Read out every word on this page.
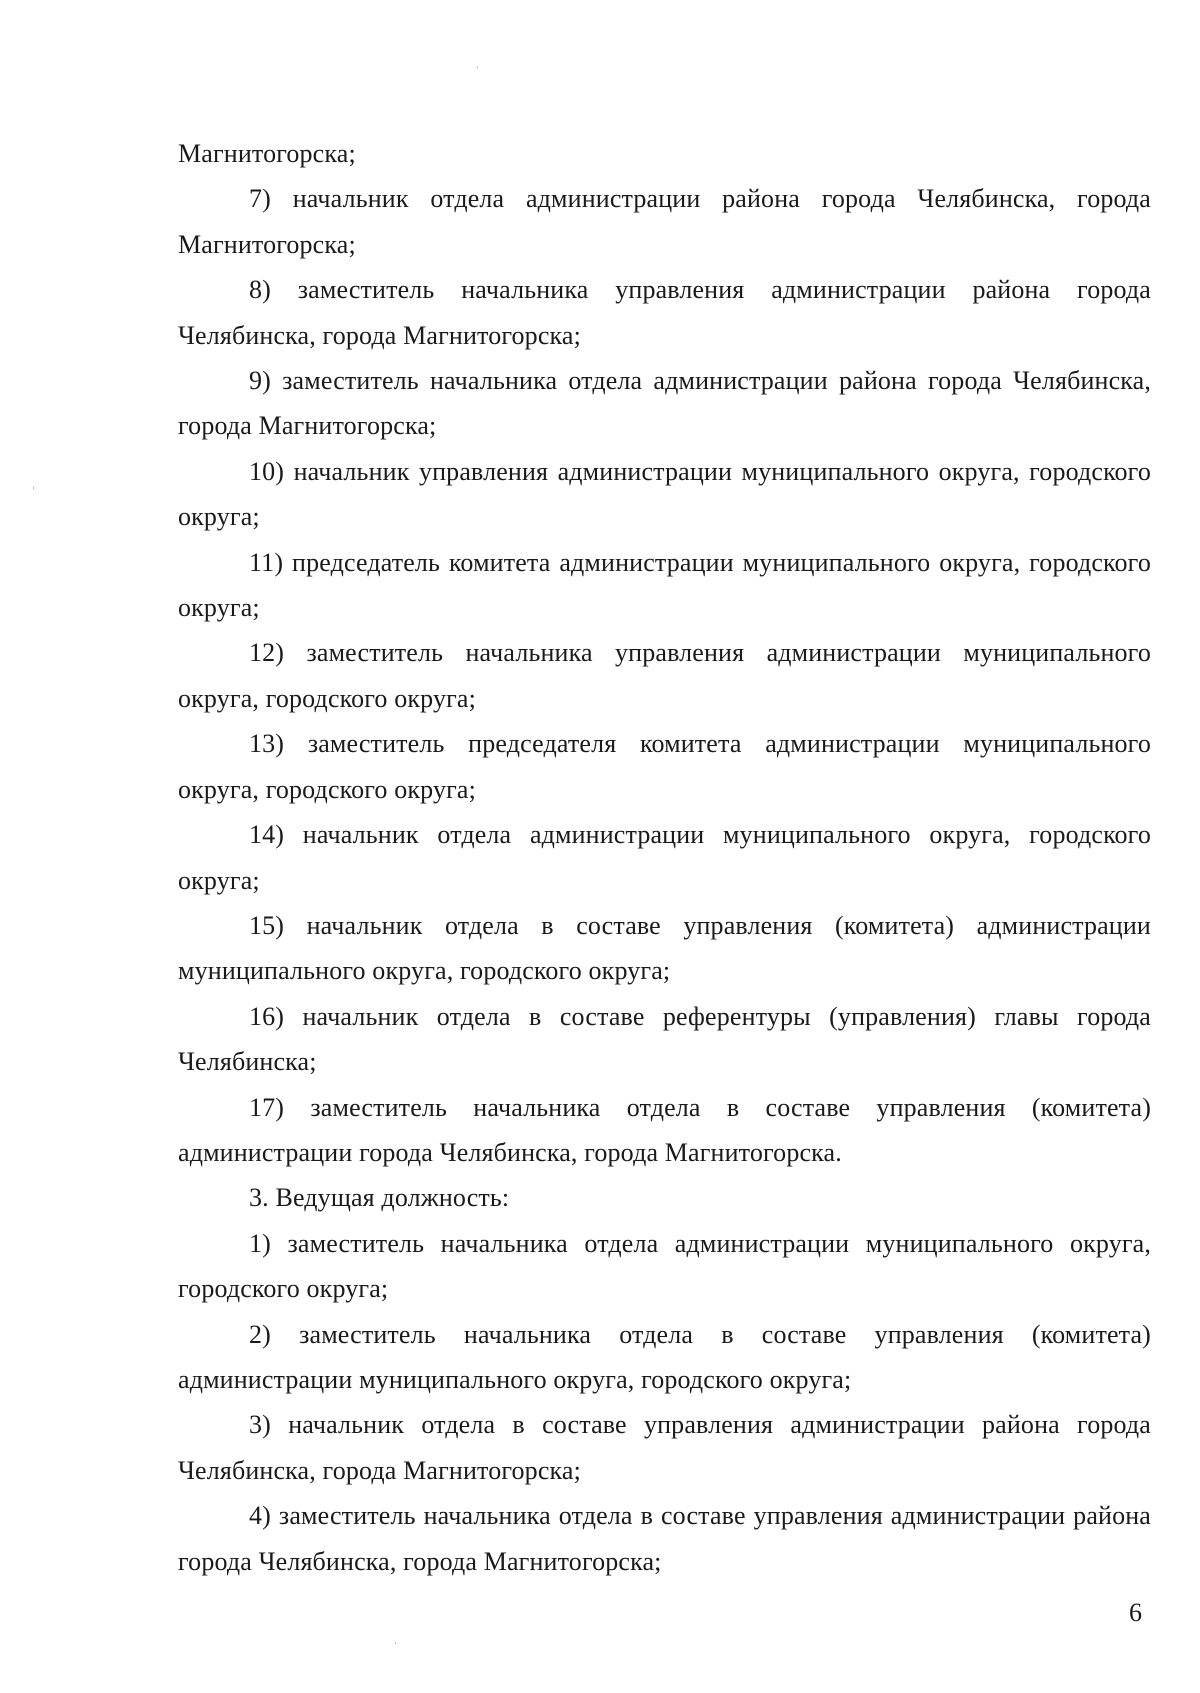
Магнитогорска;

7) начальник отдела администрации района города Челябинска, города Магнитогорска;

8) заместитель начальника управления администрации района города Челябинска, города Магнитогорска;

9) заместитель начальника отдела администрации района города Челябинска, города Магнитогорска;

10) начальник управления администрации муниципального округа, городского округа;

11) председатель комитета администрации муниципального округа, городского округа;

12) заместитель начальника управления администрации муниципального округа, городского округа;

13) заместитель председателя комитета администрации муниципального округа, городского округа;

14) начальник отдела администрации муниципального округа, городского округа;

15) начальник отдела в составе управления (комитета) администрации муниципального округа, городского округа;

16) начальник отдела в составе референтуры (управления) главы города Челябинска;

17) заместитель начальника отдела в составе управления (комитета) администрации города Челябинска, города Магнитогорска.

3. Ведущая должность:

1) заместитель начальника отдела администрации муниципального округа, городского округа;

2) заместитель начальника отдела в составе управления (комитета) администрации муниципального округа, городского округа;

3) начальник отдела в составе управления администрации района города Челябинска, города Магнитогорска;

4) заместитель начальника отдела в составе управления администрации района города Челябинска, города Магнитогорска;

6
